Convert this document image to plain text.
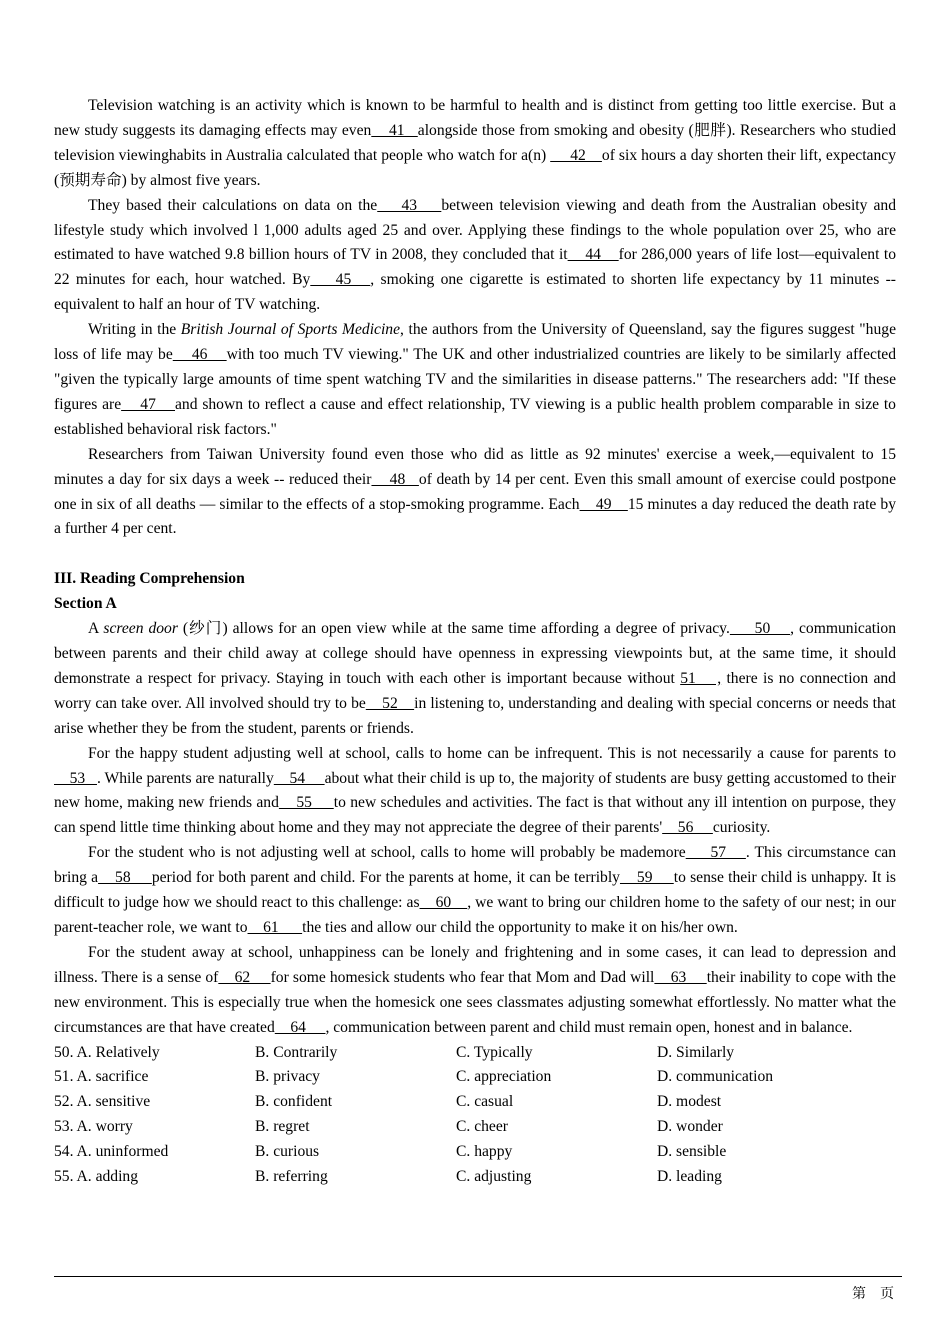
Television watching is an activity which is known to be harmful to health and is distinct from getting too little exercise. But a new study suggests its damaging effects may even    41   alongside those from smoking and obesity (肥胖). Researchers who studied television viewinghabits in Australia calculated that people who watch for a(n)      42    of six hours a day shorten their lift, expectancy (预期寿命) by almost five years.

They based their calculations on data on the    43    between television viewing and death from the Australian obesity and lifestyle study which involved l 1,000 adults aged 25 and over. Applying these findings to the whole population over 25, who are estimated to have watched 9.8 billion hours of TV in 2008, they concluded that it    44    for 286,000 years of life lost—equivalent to 22 minutes for each, hour watched. By    45   , smoking one cigarette is estimated to shorten life expectancy by 11 minutes -- equivalent to half an hour of TV watching.

Writing in the British Journal of Sports Medicine, the authors from the University of Queensland, say the figures suggest "huge loss of life may be    46    with too much TV viewing." The UK and other industrialized countries are likely to be similarly affected "given the typically large amounts of time spent watching TV and the similarities in disease patterns." The researchers add: "If these figures are    47    and shown to reflect a cause and effect relationship, TV viewing is a public health problem comparable in size to established behavioral risk factors."

Researchers from Taiwan University found even those who did as little as 92 minutes' exercise a week,—equivalent to 15 minutes a day for six days a week -- reduced their    48   of death by 14 per cent. Even this small amount of exercise could postpone one in six of all deaths — similar to the effects of a stop-smoking programme. Each    49    15 minutes a day reduced the death rate by a further 4 per cent.

III. Reading Comprehension
Section A

A screen door (纱门) allows for an open view while at the same time affording a degree of privacy.     50    , communication between parents and their child away at college should have openness in expressing viewpoints but, at the same time, it should demonstrate a respect for privacy. Staying in touch with each other is important because without 51    , there is no connection and worry can take over. All involved should try to be    52    in listening to, understanding and dealing with special concerns or needs that arise whether they be from the student, parents or friends.

For the happy student adjusting well at school, calls to home can be infrequent. This is not necessarily a cause for parents to    53   . While parents are naturally    54     about what their child is up to, the majority of students are busy getting accustomed to their new home, making new friends and    55     to new schedules and activities. The fact is that without any ill intention on purpose, they can spend little time thinking about home and they may not appreciate the degree of their parents'    56     curiosity.

For the student who is not adjusting well at school, calls to home will probably be mademore     57    . This circumstance can bring a    58     period for both parent and child. For the parents at home, it can be terribly    59     to sense their child is unhappy. It is difficult to judge how we should react to this challenge: as    60    , we want to bring our children home to the safety of our nest; in our parent-teacher role, we want to    61      the ties and allow our child the opportunity to make it on his/her own.

For the student away at school, unhappiness can be lonely and frightening and in some cases, it can lead to depression and illness. There is a sense of    62     for some homesick students who fear that Mom and Dad will    63     their inability to cope with the new environment. This is especially true when the homesick one sees classmates adjusting somewhat effortlessly. No matter what the circumstances are that have created    64     , communication between parent and child must remain open, honest and in balance.

50. A. Relatively	B. Contrarily	C. Typically	D. Similarly
51. A. sacrifice	B. privacy	C. appreciation	D. communication
52. A. sensitive	B. confident	C. casual	D. modest
53. A. worry	B. regret	C. cheer	D. wonder
54. A. uninformed	B. curious	C. happy	D. sensible
55. A. adding	B. referring	C. adjusting	D. leading
第 页
